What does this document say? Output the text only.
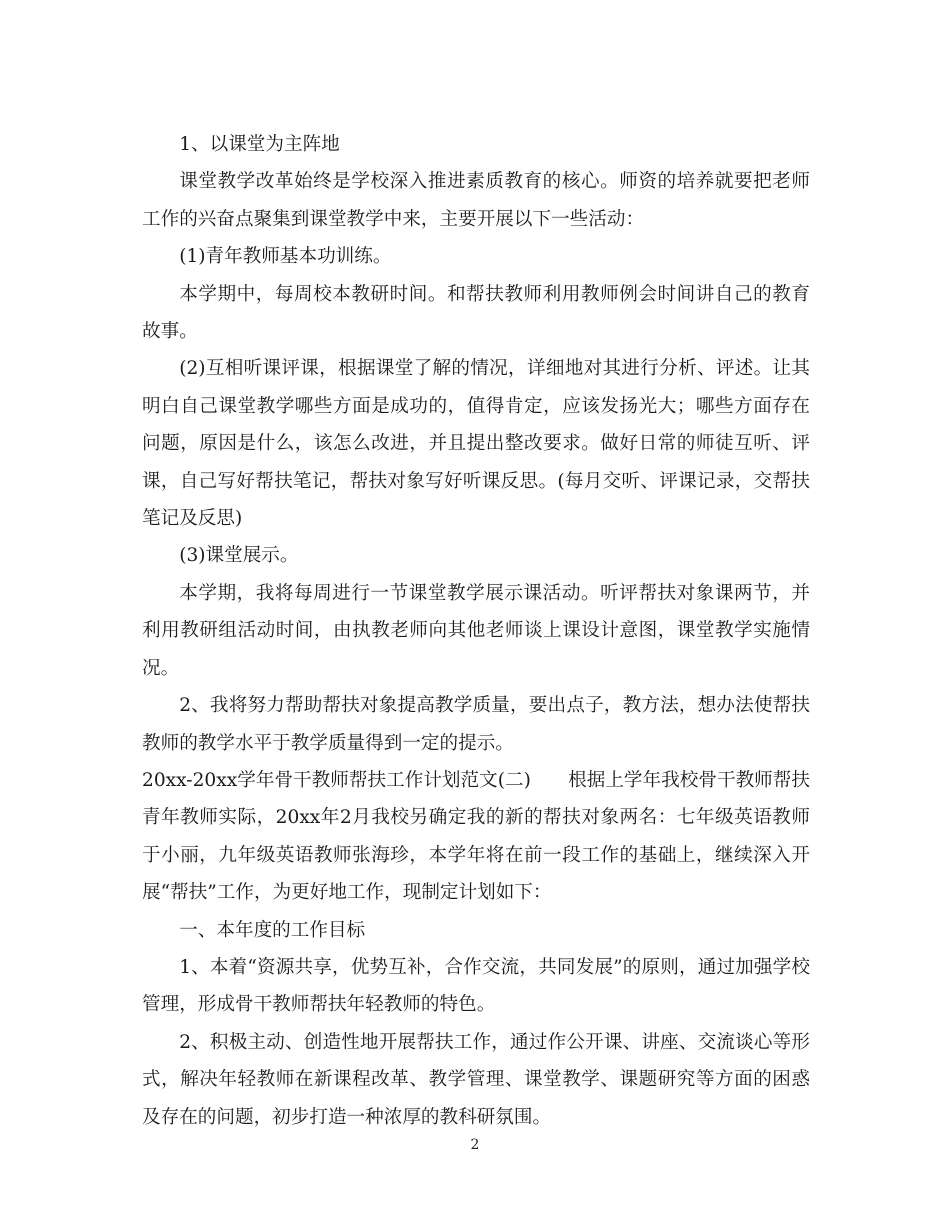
1、以课堂为主阵地

课堂教学改革始终是学校深入推进素质教育的核心。师资的培养就要把老师工作的兴奋点聚集到课堂教学中来，主要开展以下一些活动：

(1)青年教师基本功训练。

本学期中，每周校本教研时间。和帮扶教师利用教师例会时间讲自己的教育故事。

(2)互相听课评课，根据课堂了解的情况，详细地对其进行分析、评述。让其明白自己课堂教学哪些方面是成功的，值得肯定，应该发扬光大；哪些方面存在问题，原因是什么，该怎么改进，并且提出整改要求。做好日常的师徒互听、评课，自己写好帮扶笔记，帮扶对象写好听课反思。(每月交听、评课记录，交帮扶笔记及反思)

(3)课堂展示。

本学期，我将每周进行一节课堂教学展示课活动。听评帮扶对象课两节，并利用教研组活动时间，由执教老师向其他老师谈上课设计意图，课堂教学实施情况。

2、我将努力帮助帮扶对象提高教学质量，要出点子，教方法，想办法使帮扶教师的教学水平于教学质量得到一定的提示。

20xx-20xx学年骨干教师帮扶工作计划范文(二)　　根据上学年我校骨干教师帮扶青年教师实际，20xx年2月我校另确定我的新的帮扶对象两名：七年级英语教师于小丽，九年级英语教师张海珍，本学年将在前一段工作的基础上，继续深入开展“帮扶”工作，为更好地工作，现制定计划如下：

一、本年度的工作目标

1、本着“资源共享，优势互补，合作交流，共同发展”的原则，通过加强学校管理，形成骨干教师帮扶年轻教师的特色。

2、积极主动、创造性地开展帮扶工作，通过作公开课、讲座、交流谈心等形式，解决年轻教师在新课程改革、教学管理、课堂教学、课题研究等方面的困惑及存在的问题，初步打造一种浓厚的教科研氛围。

2
